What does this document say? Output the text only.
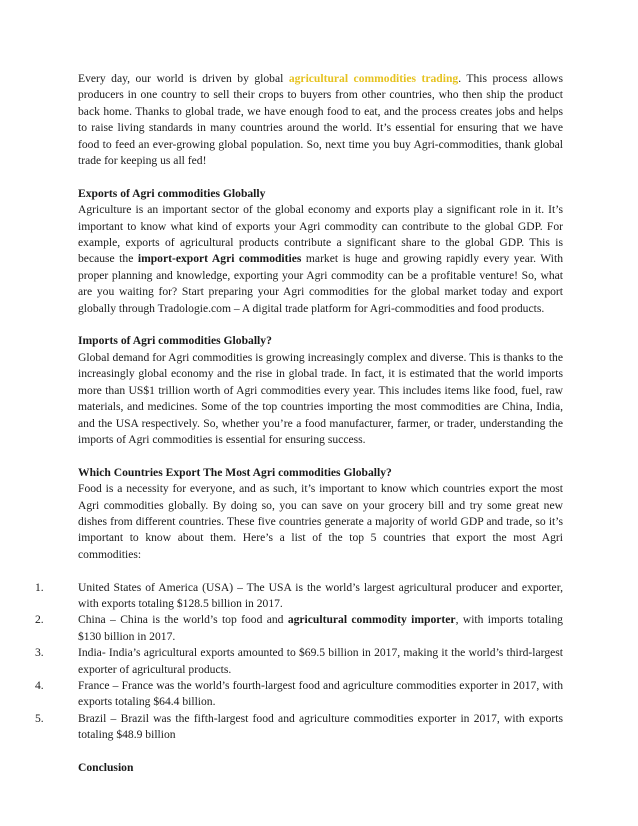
Every day, our world is driven by global agricultural commodities trading. This process allows producers in one country to sell their crops to buyers from other countries, who then ship the product back home. Thanks to global trade, we have enough food to eat, and the process creates jobs and helps to raise living standards in many countries around the world. It’s essential for ensuring that we have food to feed an ever-growing global population. So, next time you buy Agri-commodities, thank global trade for keeping us all fed!

Exports of Agri commodities Globally
Agriculture is an important sector of the global economy and exports play a significant role in it. It’s important to know what kind of exports your Agri commodity can contribute to the global GDP. For example, exports of agricultural products contribute a significant share to the global GDP. This is because the import-export Agri commodities market is huge and growing rapidly every year. With proper planning and knowledge, exporting your Agri commodity can be a profitable venture! So, what are you waiting for? Start preparing your Agri commodities for the global market today and export globally through Tradologie.com – A digital trade platform for Agri-commodities and food products.

Imports of Agri commodities Globally?
Global demand for Agri commodities is growing increasingly complex and diverse. This is thanks to the increasingly global economy and the rise in global trade. In fact, it is estimated that the world imports more than US$1 trillion worth of Agri commodities every year. This includes items like food, fuel, raw materials, and medicines. Some of the top countries importing the most commodities are China, India, and the USA respectively. So, whether you’re a food manufacturer, farmer, or trader, understanding the imports of Agri commodities is essential for ensuring success.

Which Countries Export The Most Agri commodities Globally?
Food is a necessity for everyone, and as such, it’s important to know which countries export the most Agri commodities globally. By doing so, you can save on your grocery bill and try some great new dishes from different countries. These five countries generate a majority of world GDP and trade, so it’s important to know about them. Here’s a list of the top 5 countries that export the most Agri commodities:

1.	United States of America (USA) – The USA is the world’s largest agricultural producer and exporter, with exports totaling $128.5 billion in 2017.
2.	China – China is the world’s top food and agricultural commodity importer, with imports totaling $130 billion in 2017.
3.	India- India’s agricultural exports amounted to $69.5 billion in 2017, making it the world’s third-largest exporter of agricultural products.
4.	France – France was the world’s fourth-largest food and agriculture commodities exporter in 2017, with exports totaling $64.4 billion.
5.	Brazil – Brazil was the fifth-largest food and agriculture commodities exporter in 2017, with exports totaling $48.9 billion

Conclusion
